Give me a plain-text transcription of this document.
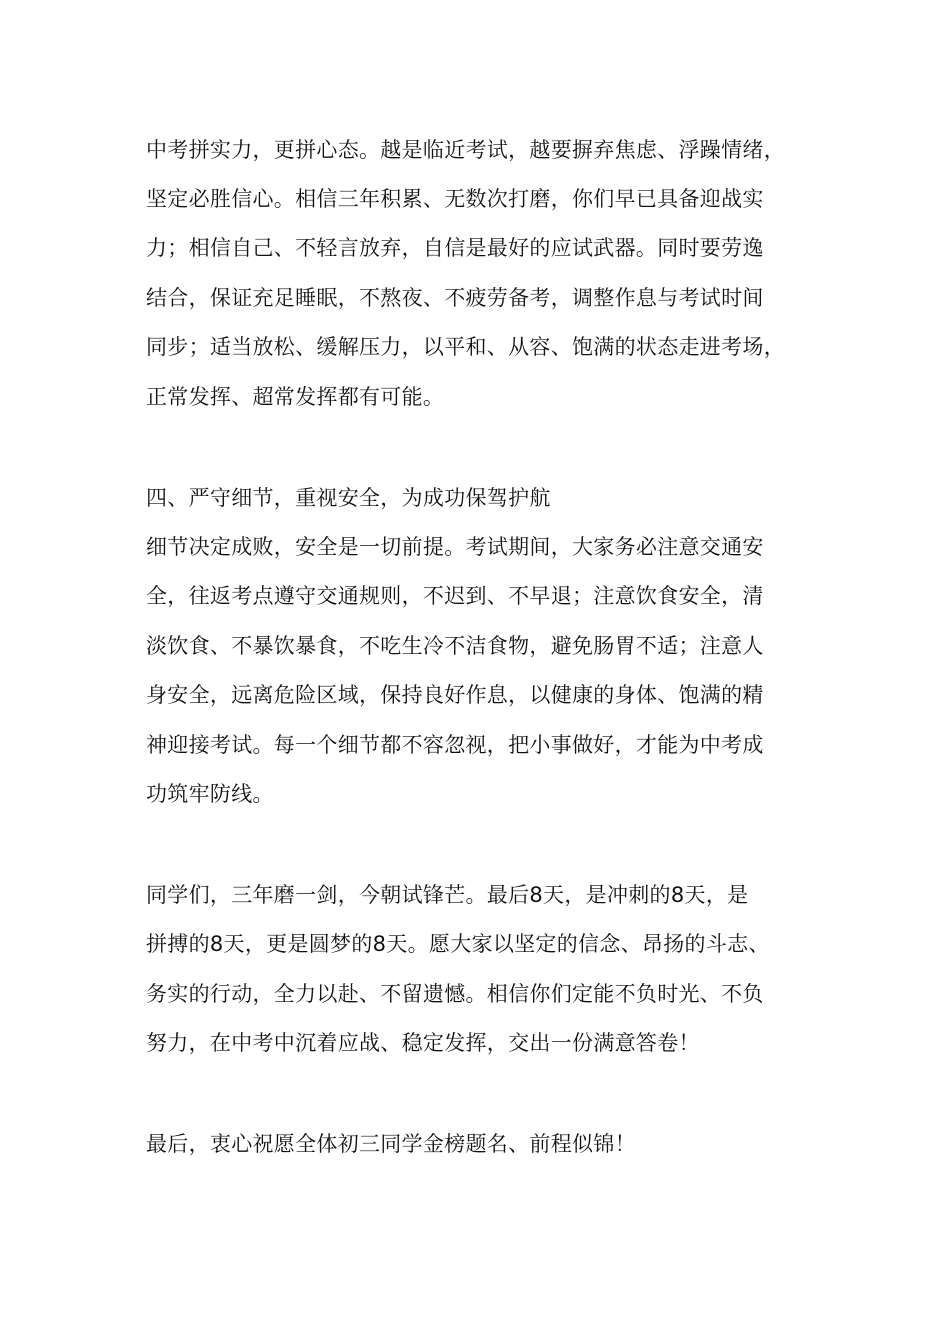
中考拼实力，更拼心态。越是临近考试，越要摒弃焦虑、浮躁情绪，
坚定必胜信心。相信三年积累、无数次打磨，你们早已具备迎战实
力；相信自己、不轻言放弃，自信是最好的应试武器。同时要劳逸
结合，保证充足睡眠，不熬夜、不疲劳备考，调整作息与考试时间
同步；适当放松、缓解压力，以平和、从容、饱满的状态走进考场，
正常发挥、超常发挥都有可能。
四、严守细节，重视安全，为成功保驾护航
细节决定成败，安全是一切前提。考试期间，大家务必注意交通安
全，往返考点遵守交通规则，不迟到、不早退；注意饮食安全，清
淡饮食、不暴饮暴食，不吃生冷不洁食物，避免肠胃不适；注意人
身安全，远离危险区域，保持良好作息，以健康的身体、饱满的精
神迎接考试。每一个细节都不容忽视，把小事做好，才能为中考成
功筑牢防线。
同学们，三年磨一剑，今朝试锋芒。最后8天，是冲刺的8天，是
拼搏的8天，更是圆梦的8天。愿大家以坚定的信念、昂扬的斗志、
务实的行动，全力以赴、不留遗憾。相信你们定能不负时光、不负
努力，在中考中沉着应战、稳定发挥，交出一份满意答卷！
最后，衷心祝愿全体初三同学金榜题名、前程似锦！
